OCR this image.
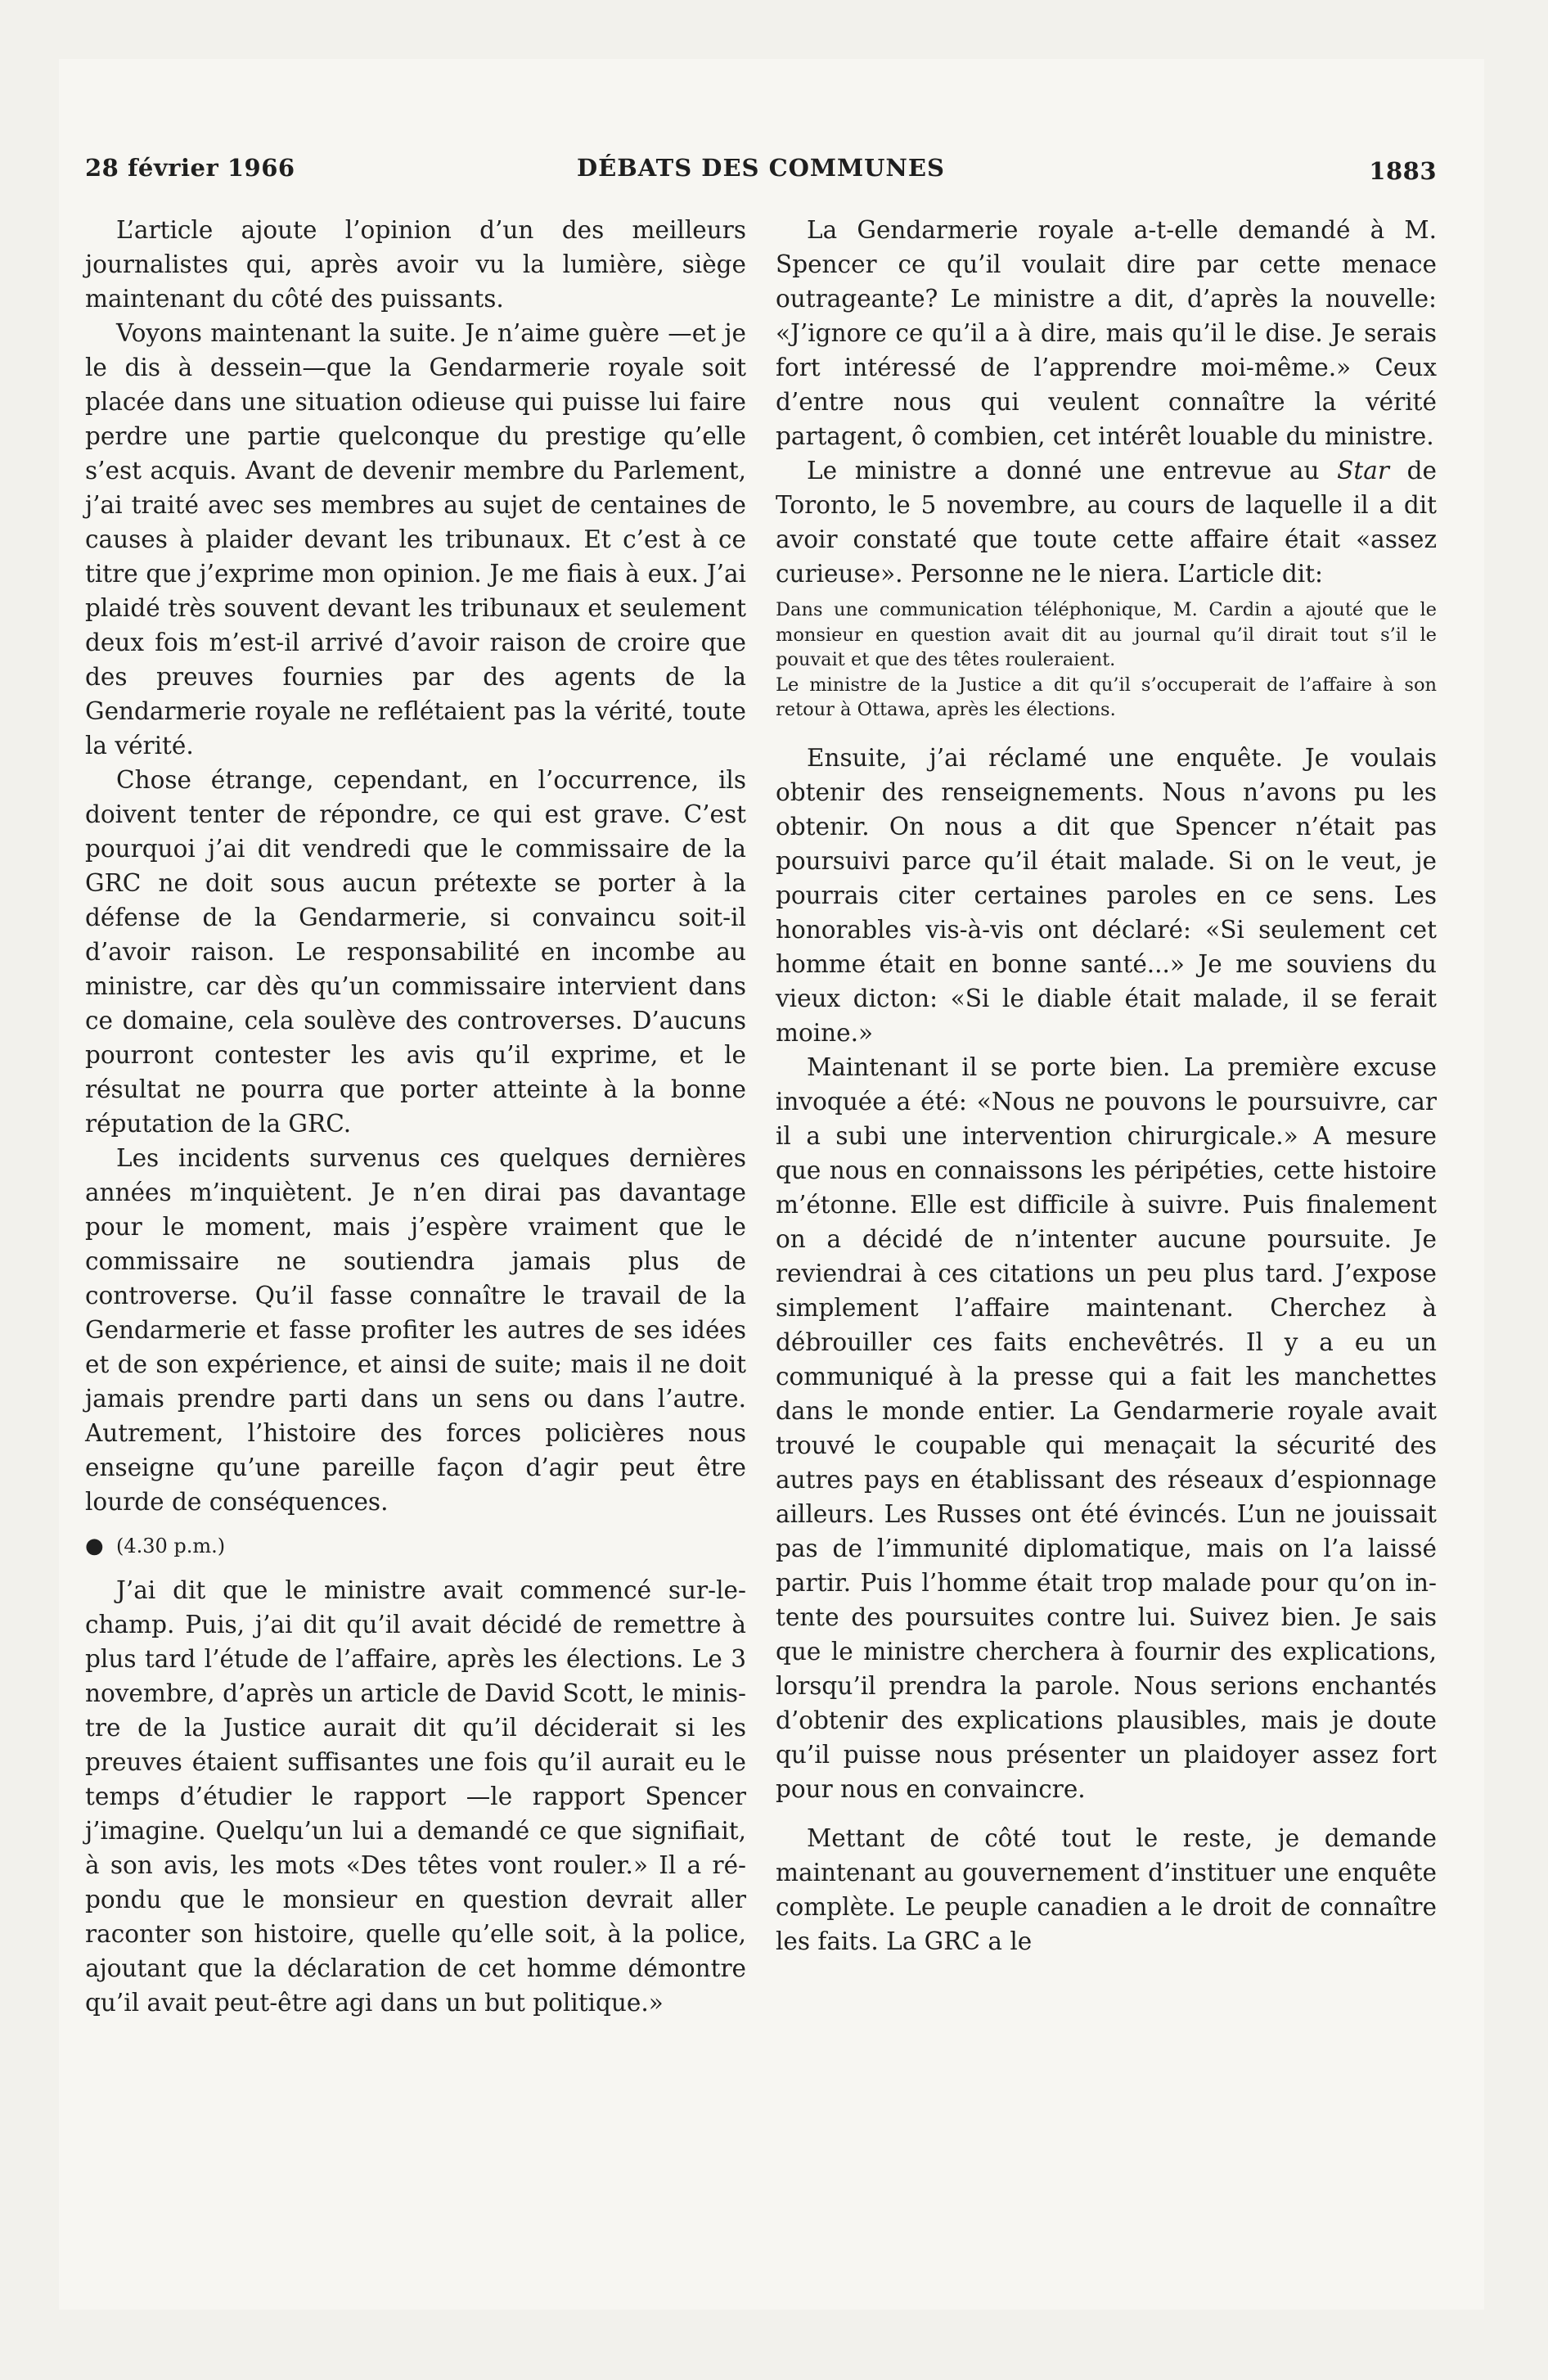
28 février 1966	DÉBATS DES COMMUNES	1883

L’article ajoute l’opinion d’un des meilleurs journalistes qui, après avoir vu la lumière, siège maintenant du côté des puissants.

Voyons maintenant la suite. Je n’aime guère —et je le dis à dessein—que la Gendarmerie royale soit placée dans une situation odieuse qui puisse lui faire perdre une partie quelconque du prestige qu’elle s’est acquis. Avant de devenir membre du Parlement, j’ai traité avec ses membres au sujet de centaines de causes à plaider devant les tribunaux. Et c’est à ce titre que j’exprime mon opinion. Je me fiais à eux. J’ai plaidé très souvent devant les tribunaux et seulement deux fois m’est-il arrivé d’avoir raison de croire que des preuves fournies par des agents de la Gendarmerie royale ne reflétaient pas la vérité, toute la vérité.

Chose étrange, cependant, en l’occurrence, ils doivent tenter de répondre, ce qui est grave. C’est pourquoi j’ai dit vendredi que le commissaire de la GRC ne doit sous aucun prétexte se porter à la défense de la Gendarmerie, si convaincu soit-il d’avoir raison. Le responsabilité en incombe au ministre, car dès qu’un commissaire intervient dans ce domaine, cela soulève des controverses. D’aucuns pourront contester les avis qu’il exprime, et le résultat ne pourra que porter atteinte à la bonne réputation de la GRC.

Les incidents survenus ces quelques dernières années m’inquiètent. Je n’en dirai pas davantage pour le moment, mais j’espère vraiment que le commissaire ne soutiendra jamais plus de controverse. Qu’il fasse connaître le travail de la Gendarmerie et fasse profiter les autres de ses idées et de son expérience, et ainsi de suite; mais il ne doit jamais prendre parti dans un sens ou dans l’autre. Autrement, l’histoire des forces policières nous enseigne qu’une pareille façon d’agir peut être lourde de conséquences.

● (4.30 p.m.)

J’ai dit que le ministre avait commencé sur-le-champ. Puis, j’ai dit qu’il avait décidé de remettre à plus tard l’étude de l’affaire, après les élections. Le 3 novembre, d’après un article de David Scott, le ministre de la Justice aurait dit qu’il déciderait si les preuves étaient suffisantes une fois qu’il aurait eu le temps d’étudier le rapport —le rapport Spencer j’imagine. Quelqu’un lui a demandé ce que signifiait, à son avis, les mots «Des têtes vont rouler.» Il a répondu que le monsieur en question devrait aller raconter son histoire, quelle qu’elle soit, à la police, ajoutant que la déclaration de cet homme démontre qu’il avait peut-être agi dans un but politique.»

La Gendarmerie royale a-t-elle demandé à M. Spencer ce qu’il voulait dire par cette menace outrageante? Le ministre a dit, d’après la nouvelle: «J’ignore ce qu’il a à dire, mais qu’il le dise. Je serais fort intéressé de l’apprendre moi-même.» Ceux d’entre nous qui veulent connaître la vérité partagent, ô combien, cet intérêt louable du ministre.

Le ministre a donné une entrevue au Star de Toronto, le 5 novembre, au cours de laquelle il a dit avoir constaté que toute cette affaire était «assez curieuse». Personne ne le niera. L’article dit:

Dans une communication téléphonique, M. Cardin a ajouté que le monsieur en question avait dit au journal qu’il dirait tout s’il le pouvait et que des têtes rouleraient.

Le ministre de la Justice a dit qu’il s’occuperait de l’affaire à son retour à Ottawa, après les élections.

Ensuite, j’ai réclamé une enquête. Je voulais obtenir des renseignements. Nous n’avons pu les obtenir. On nous a dit que Spencer n’était pas poursuivi parce qu’il était malade. Si on le veut, je pourrais citer certaines paroles en ce sens. Les honorables vis-à-vis ont déclaré: «Si seulement cet homme était en bonne santé...» Je me souviens du vieux dicton: «Si le diable était malade, il se ferait moine.»

Maintenant il se porte bien. La première excuse invoquée a été: «Nous ne pouvons le poursuivre, car il a subi une intervention chirurgicale.» A mesure que nous en connaissons les péripéties, cette histoire m’étonne. Elle est difficile à suivre. Puis finalement on a décidé de n’intenter aucune poursuite. Je reviendrai à ces citations un peu plus tard. J’expose simplement l’affaire maintenant. Cherchez à débrouiller ces faits enchevêtrés. Il y a eu un communiqué à la presse qui a fait les manchettes dans le monde entier. La Gendarmerie royale avait trouvé le coupable qui menaçait la sécurité des autres pays en établissant des réseaux d’espionnage ailleurs. Les Russes ont été évincés. L’un ne jouissait pas de l’immunité diplomatique, mais on l’a laissé partir. Puis l’homme était trop malade pour qu’on intente des poursuites contre lui. Suivez bien. Je sais que le ministre cherchera à fournir des explications, lorsqu’il prendra la parole. Nous serions enchantés d’obtenir des explications plausibles, mais je doute qu’il puisse nous présenter un plaidoyer assez fort pour nous en convaincre.

Mettant de côté tout le reste, je demande maintenant au gouvernement d’instituer une enquête complète. Le peuple canadien a le droit de connaître les faits. La GRC a le
